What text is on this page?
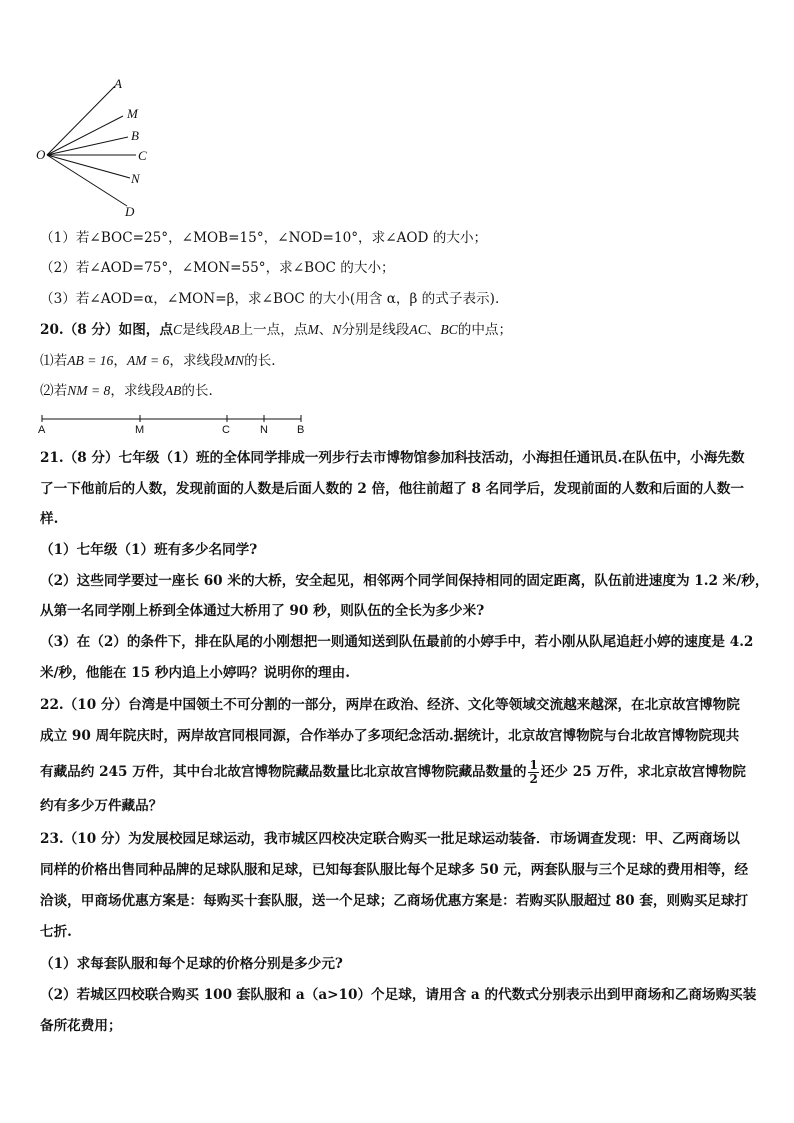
A
M
B
C
N
D
O
（1）若∠BOC=25°，∠MOB=15°，∠NOD=10°，求∠AOD 的大小；
（2）若∠AOD=75°，∠MON=55°，求∠BOC 的大小；
（3）若∠AOD=α，∠MON=β，求∠BOC 的大小(用含 α，β 的式子表示).
20.（8 分）如图，点C是线段AB上一点，点M、N分别是线段AC、BC的中点；
⑴若AB = 16，AM = 6，求线段MN的长.
⑵若NM = 8，求线段AB的长.
A	M	C	N	B
21.（8 分）七年级（1）班的全体同学排成一列步行去市博物馆参加科技活动，小海担任通讯员.在队伍中，小海先数
了一下他前后的人数，发现前面的人数是后面人数的 2 倍，他往前超了 8 名同学后，发现前面的人数和后面的人数一
样.
（1）七年级（1）班有多少名同学?
（2）这些同学要过一座长 60 米的大桥，安全起见，相邻两个同学间保持相同的固定距离，队伍前进速度为 1.2 米/秒，
从第一名同学刚上桥到全体通过大桥用了 90 秒，则队伍的全长为多少米?
（3）在（2）的条件下，排在队尾的小刚想把一则通知送到队伍最前的小婷手中，若小刚从队尾追赶小婷的速度是 4.2
米/秒，他能在 15 秒内追上小婷吗？说明你的理由.
22.（10 分）台湾是中国领土不可分割的一部分，两岸在政治、经济、文化等领域交流越来越深，在北京故宫博物院
成立 90 周年院庆时，两岸故宫同根同源，合作举办了多项纪念活动.据统计，北京故宫博物院与台北故宫博物院现共
有藏品约 245 万件，其中台北故宫博物院藏品数量比北京故宫博物院藏品数量的 $\frac{1}{2}$ 还少 25 万件，求北京故宫博物院
约有多少万件藏品？
23.（10 分）为发展校园足球运动，我市城区四校决定联合购买一批足球运动装备．市场调查发现：甲、乙两商场以
同样的价格出售同种品牌的足球队服和足球，已知每套队服比每个足球多 50 元，两套队服与三个足球的费用相等，经
洽谈，甲商场优惠方案是：每购买十套队服，送一个足球；乙商场优惠方案是：若购买队服超过 80 套，则购买足球打
七折.
（1）求每套队服和每个足球的价格分别是多少元?
（2）若城区四校联合购买 100 套队服和 a（a>10）个足球，请用含 a 的代数式分别表示出到甲商场和乙商场购买装
备所花费用；
